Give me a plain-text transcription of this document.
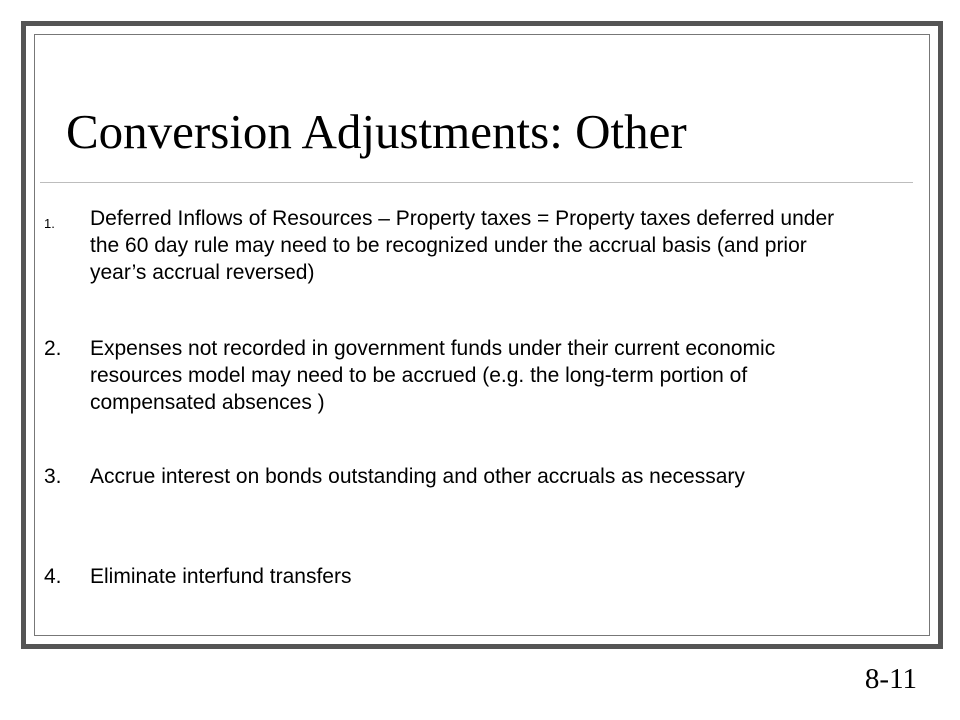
Conversion Adjustments: Other
1. Deferred Inflows of Resources – Property taxes = Property taxes deferred under the 60 day rule may need to be recognized under the accrual basis (and prior year’s accrual reversed)
2. Expenses not recorded in government funds under their current economic resources model may need to be accrued (e.g. the long-term portion of compensated absences )
3. Accrue interest on bonds outstanding and other accruals as necessary
4. Eliminate interfund transfers
8-11
